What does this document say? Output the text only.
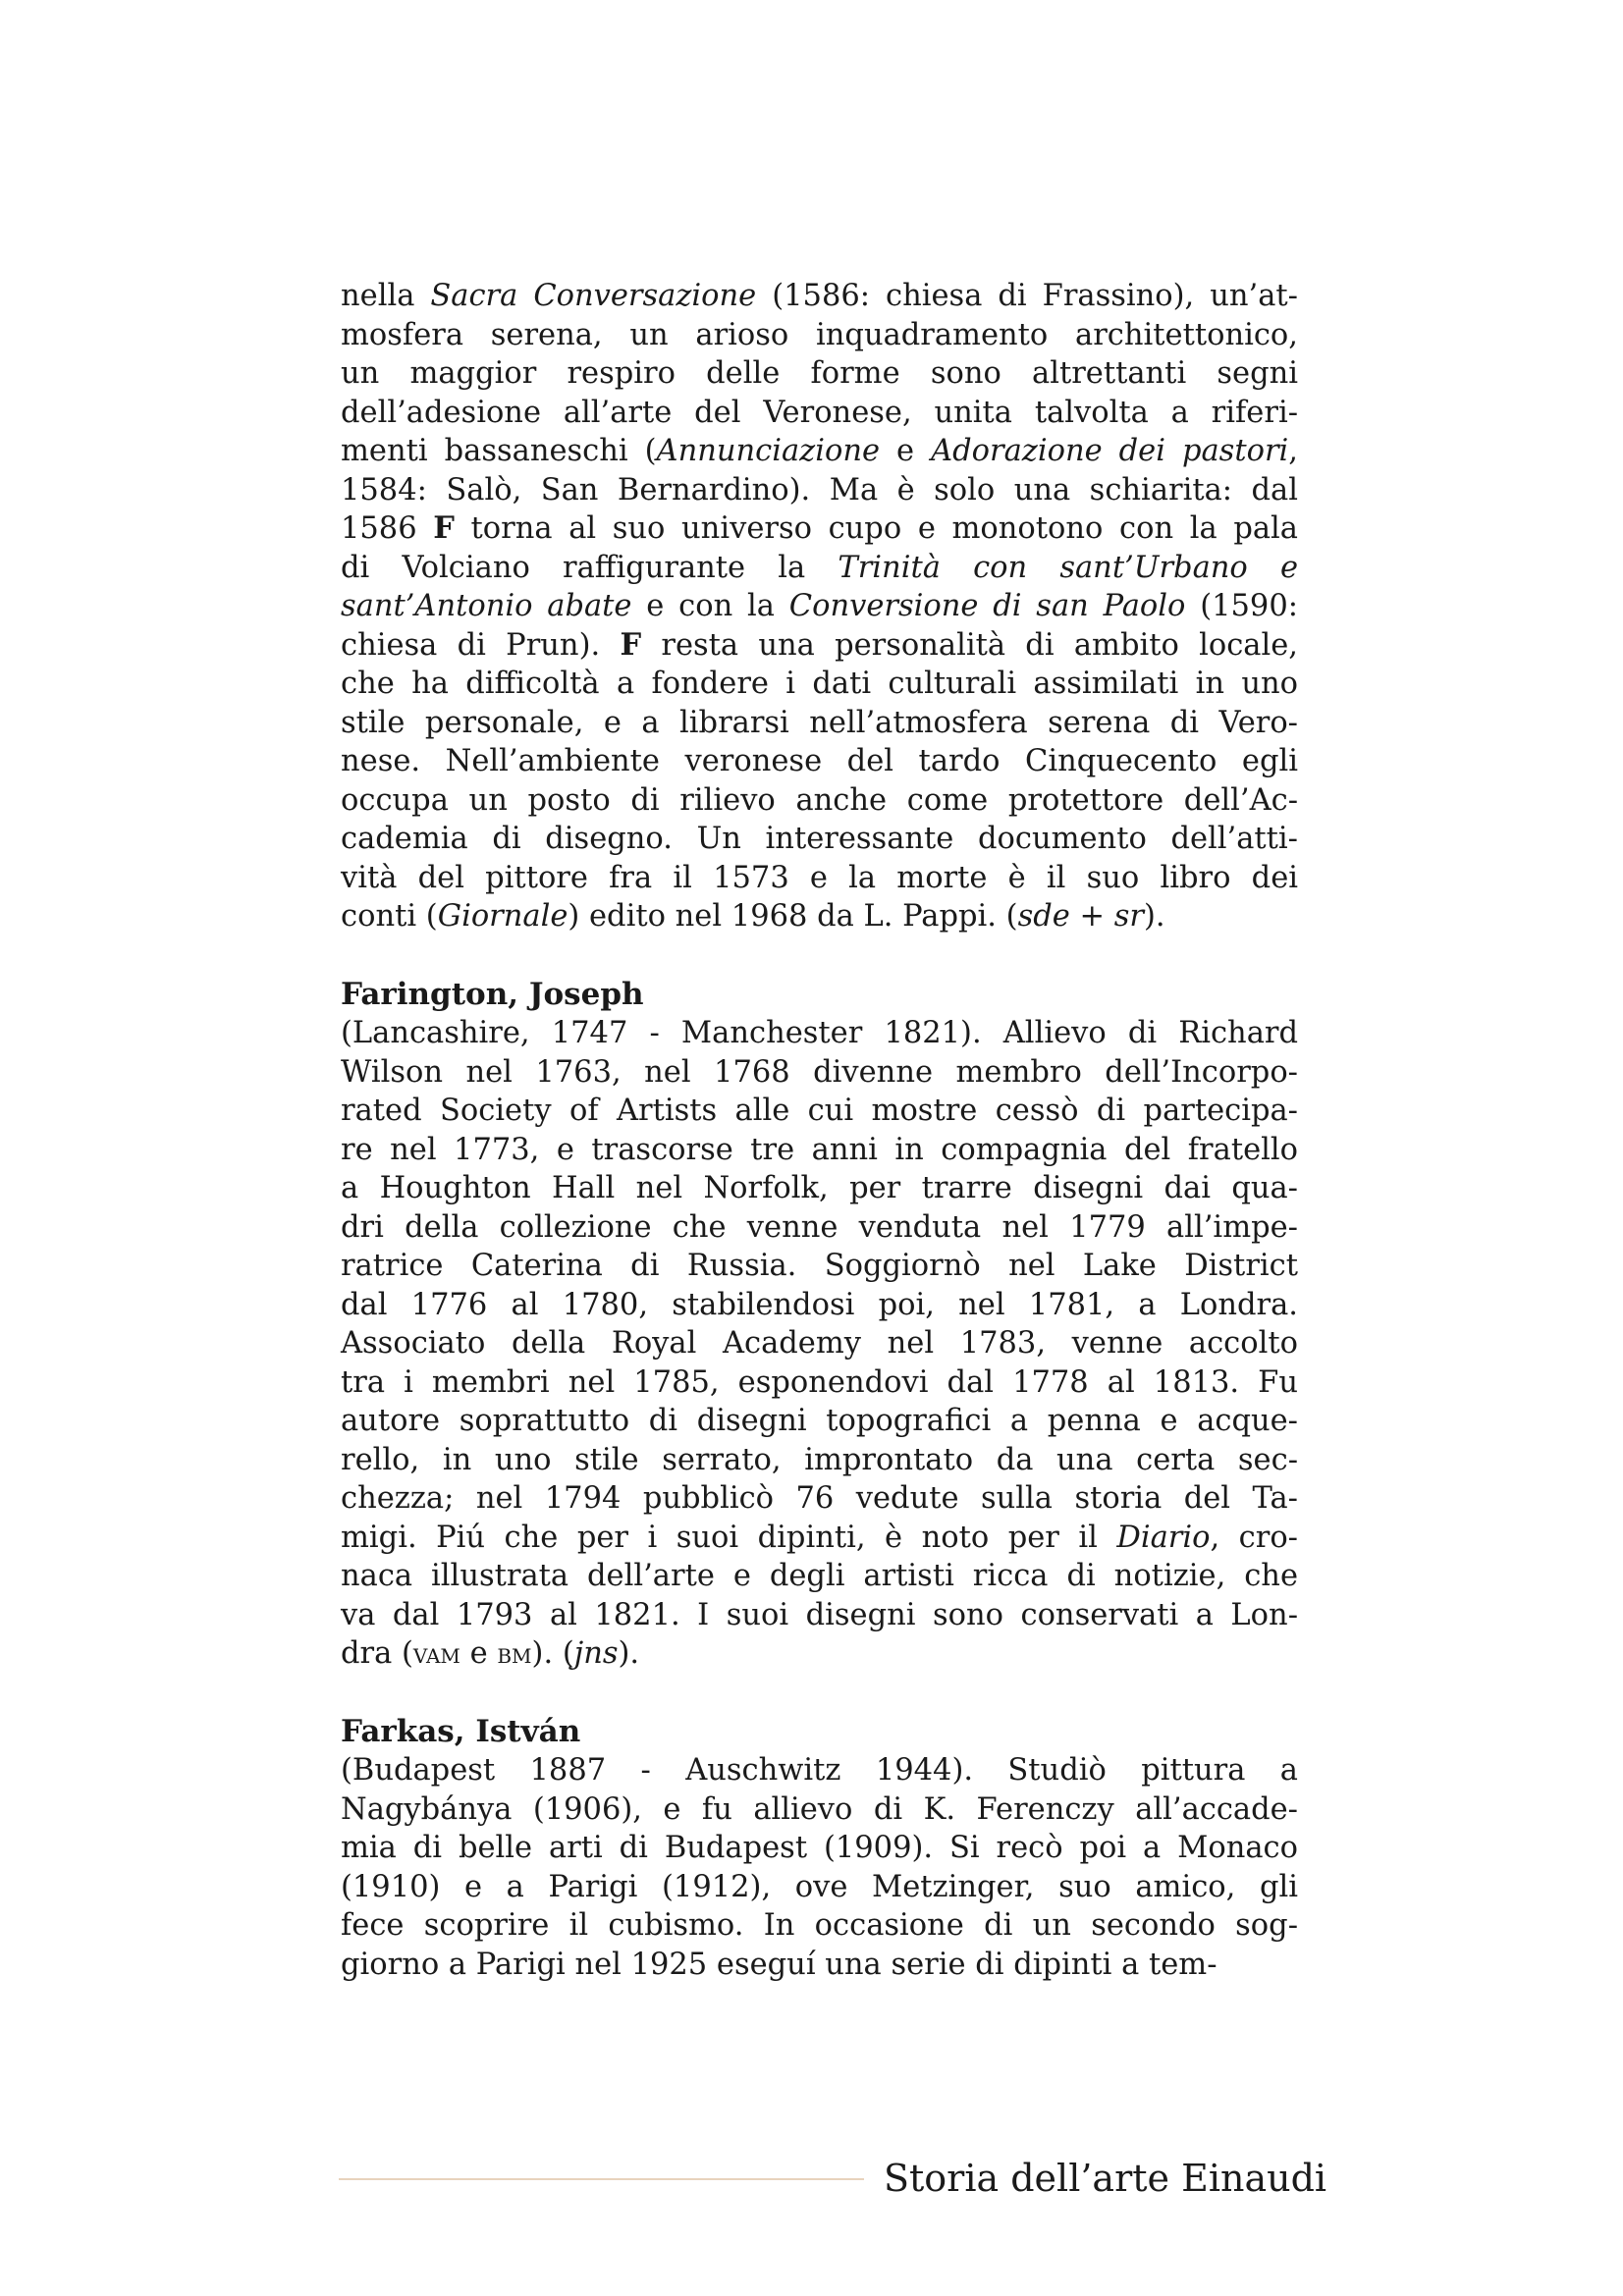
nella Sacra Conversazione (1586: chiesa di Frassino), un’at-
mosfera serena, un arioso inquadramento architettonico,
un maggior respiro delle forme sono altrettanti segni
dell’adesione all’arte del Veronese, unita talvolta a riferi-
menti bassaneschi (Annunciazione e Adorazione dei pastori,
1584: Salò, San Bernardino). Ma è solo una schiarita: dal
1586 F torna al suo universo cupo e monotono con la pala
di Volciano raffigurante la Trinità con sant’Urbano e
sant’Antonio abate e con la Conversione di san Paolo (1590:
chiesa di Prun). F resta una personalità di ambito locale,
che ha difficoltà a fondere i dati culturali assimilati in uno
stile personale, e a librarsi nell’atmosfera serena di Vero-
nese. Nell’ambiente veronese del tardo Cinquecento egli
occupa un posto di rilievo anche come protettore dell’Ac-
cademia di disegno. Un interessante documento dell’atti-
vità del pittore fra il 1573 e la morte è il suo libro dei
conti (Giornale) edito nel 1968 da L. Pappi. (sde + sr).
Farington, Joseph
(Lancashire, 1747 - Manchester 1821). Allievo di Richard
Wilson nel 1763, nel 1768 divenne membro dell’Incorpo-
rated Society of Artists alle cui mostre cessò di partecipa-
re nel 1773, e trascorse tre anni in compagnia del fratello
a Houghton Hall nel Norfolk, per trarre disegni dai qua-
dri della collezione che venne venduta nel 1779 all’impe-
ratrice Caterina di Russia. Soggiornò nel Lake District
dal 1776 al 1780, stabilendosi poi, nel 1781, a Londra.
Associato della Royal Academy nel 1783, venne accolto
tra i membri nel 1785, esponendovi dal 1778 al 1813. Fu
autore soprattutto di disegni topografici a penna e acque-
rello, in uno stile serrato, improntato da una certa sec-
chezza; nel 1794 pubblicò 76 vedute sulla storia del Ta-
migi. Piú che per i suoi dipinti, è noto per il Diario, cro-
naca illustrata dell’arte e degli artisti ricca di notizie, che
va dal 1793 al 1821. I suoi disegni sono conservati a Lon-
dra (vam e bm). (jns).
Farkas, István
(Budapest 1887 - Auschwitz 1944). Studiò pittura a
Nagybánya (1906), e fu allievo di K. Ferenczy all’accade-
mia di belle arti di Budapest (1909). Si recò poi a Monaco
(1910) e a Parigi (1912), ove Metzinger, suo amico, gli
fece scoprire il cubismo. In occasione di un secondo sog-
giorno a Parigi nel 1925 eseguí una serie di dipinti a tem-
Storia dell’arte Einaudi
